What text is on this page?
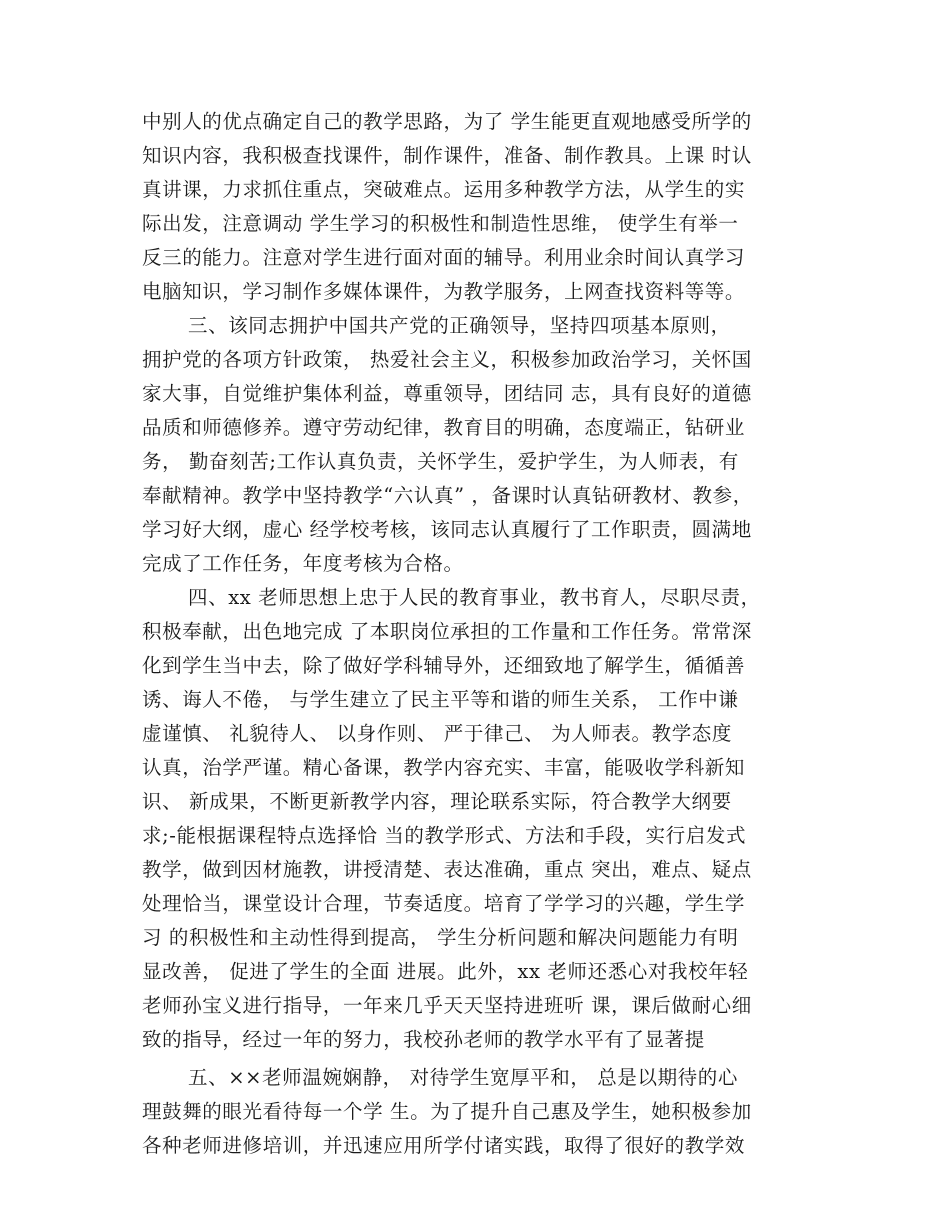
中别人的优点确定自己的教学思路，为了 学生能更直观地感受所学的
知识内容，我积极查找课件，制作课件，准备、制作教具。上课 时认
真讲课，力求抓住重点，突破难点。运用多种教学方法，从学生的实
际出发，注意调动 学生学习的积极性和制造性思维， 使学生有举一
反三的能力。注意对学生进行面对面的辅导。利用业余时间认真学习
电脑知识，学习制作多媒体课件，为教学服务，上网查找资料等等。
三、该同志拥护中国共产党的正确领导，坚持四项基本原则，
拥护党的各项方针政策， 热爱社会主义，积极参加政治学习，关怀国
家大事，自觉维护集体利益，尊重领导，团结同 志，具有良好的道德
品质和师德修养。遵守劳动纪律，教育目的明确，态度端正，钻研业
务， 勤奋刻苦;工作认真负责，关怀学生，爱护学生，为人师表，有
奉献精神。教学中坚持教学“六认真” ，备课时认真钻研教材、教参，
学习好大纲，虚心 经学校考核，该同志认真履行了工作职责，圆满地
完成了工作任务，年度考核为合格。
四、xx 老师思想上忠于人民的教育事业，教书育人，尽职尽责，
积极奉献，出色地完成 了本职岗位承担的工作量和工作任务。常常深
化到学生当中去，除了做好学科辅导外，还细致地了解学生，循循善
诱、诲人不倦， 与学生建立了民主平等和谐的师生关系， 工作中谦
虚谨慎、 礼貌待人、 以身作则、 严于律己、 为人师表。教学态度
认真，治学严谨。精心备课，教学内容充实、丰富，能吸收学科新知
识、 新成果，不断更新教学内容，理论联系实际，符合教学大纲要
求;-能根据课程特点选择恰 当的教学形式、方法和手段，实行启发式
教学，做到因材施教，讲授清楚、表达准确，重点 突出，难点、疑点
处理恰当，课堂设计合理，节奏适度。培育了学学习的兴趣，学生学
习 的积极性和主动性得到提高， 学生分析问题和解决问题能力有明
显改善， 促进了学生的全面 进展。此外，xx 老师还悉心对我校年轻
老师孙宝义进行指导，一年来几乎天天坚持进班听 课，课后做耐心细
致的指导，经过一年的努力，我校孙老师的教学水平有了显著提
五、××老师温婉娴静， 对待学生宽厚平和， 总是以期待的心
理鼓舞的眼光看待每一个学 生。为了提升自己惠及学生，她积极参加
各种老师进修培训，并迅速应用所学付诸实践，取得了很好的教学效
